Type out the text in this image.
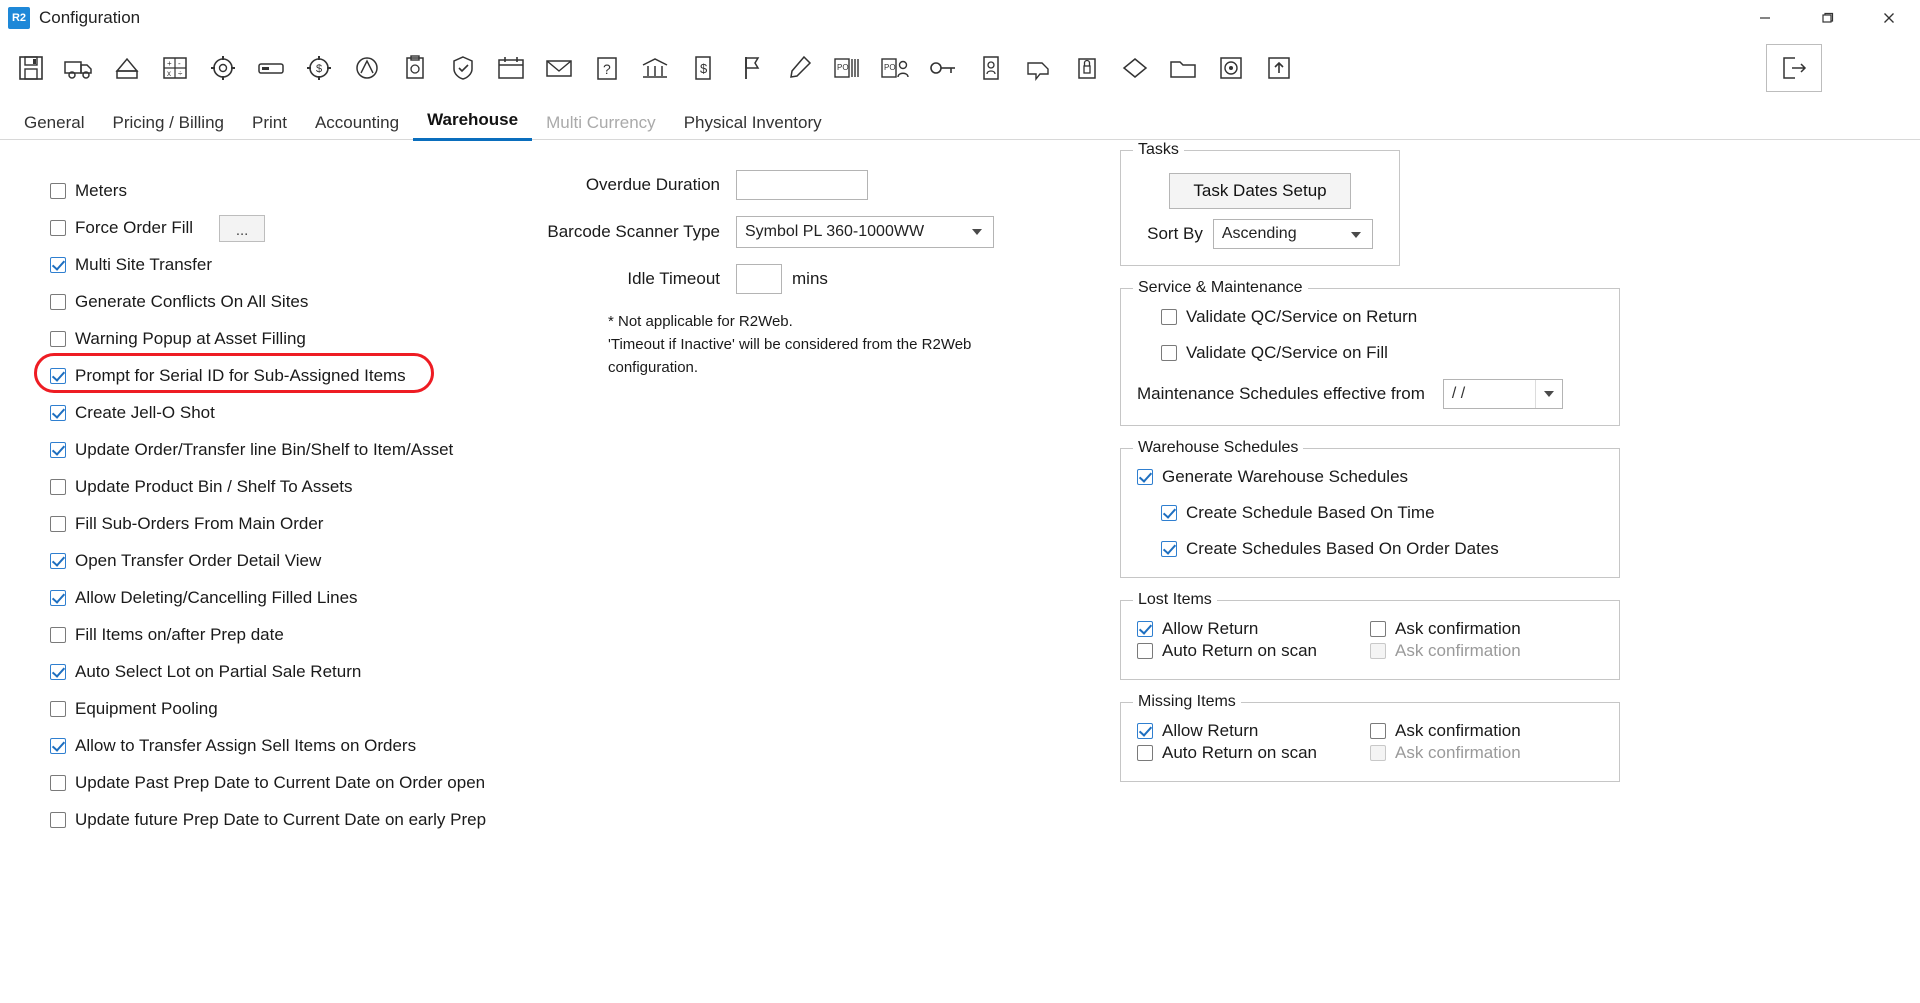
R2 Configuration
+ -
x ÷	$	?	$	PO	PO
General	Pricing / Billing	Print	Accounting	Warehouse	Multi Currency	Physical Inventory
Meters
Force Order Fill	...
Multi Site Transfer
Generate Conflicts On All Sites
Warning Popup at Asset Filling
Prompt for Serial ID for Sub-Assigned Items
Create Jell-O Shot
Update Order/Transfer line Bin/Shelf to Item/Asset
Update Product Bin / Shelf To Assets
Fill Sub-Orders From Main Order
Open Transfer Order Detail View
Allow Deleting/Cancelling Filled Lines
Fill Items on/after Prep date
Auto Select Lot on Partial Sale Return
Equipment Pooling
Allow to Transfer Assign Sell Items on Orders
Update Past Prep Date to Current Date on Order open
Update future Prep Date to Current Date on early Prep
Overdue Duration
Barcode Scanner Type	Symbol PL 360-1000WW
Idle Timeout	mins
* Not applicable for R2Web.
'Timeout if Inactive' will be considered from the R2Web configuration.
Tasks
Task Dates Setup
Sort By Ascending
Service & Maintenance
Validate QC/Service on Return
Validate QC/Service on Fill
Maintenance Schedules effective from / /
Warehouse Schedules
Generate Warehouse Schedules
Create Schedule Based On Time
Create Schedules Based On Order Dates
Lost Items
Allow Return	Ask confirmation
Auto Return on scan	Ask confirmation
Missing Items
Allow Return	Ask confirmation
Auto Return on scan	Ask confirmation
